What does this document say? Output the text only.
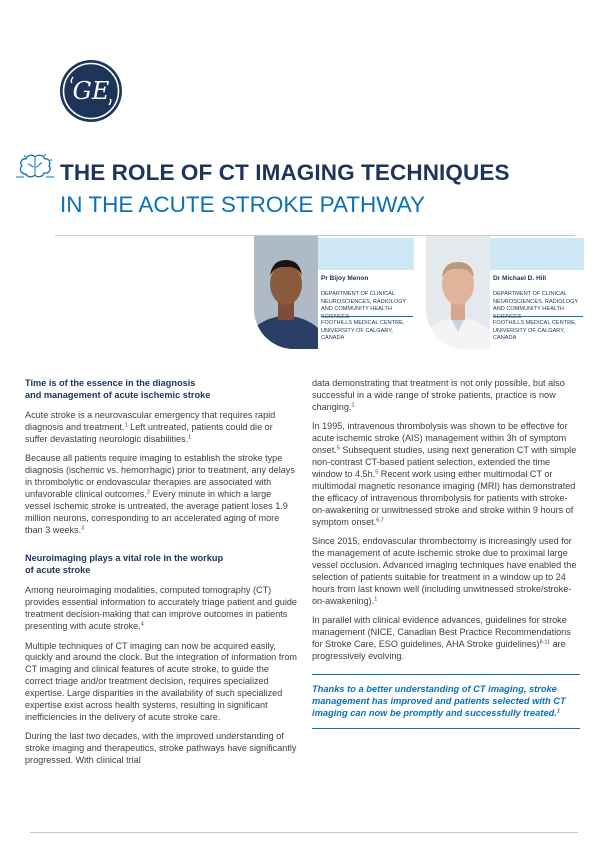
GE
THE ROLE OF CT IMAGING TECHNIQUES
IN THE ACUTE STROKE PATHWAY
Pr Bijoy Menon
DEPARTMENT OF CLINICAL NEUROSCIENCES, RADIOLOGY AND COMMUNITY HEALTH
FOOTHILLS MEDICAL CENTRE, UNIVERSITY OF CALGARY, CANADA
Dr Michael D. Hill
DEPARTMENT OF CLINICAL NEUROSCIENCES, RADIOLOGY AND COMMUNITY HEALTH
FOOTHILLS MEDICAL CENTRE, UNIVERSITY OF CALGARY, CANADA
Time is of the essence in the diagnosis
and management of acute ischemic stroke

Acute stroke is a neurovascular emergency that requires rapid diagnosis and treatment.$^1$ Left untreated, patients could die or suffer devastating neurologic disabilities.$^1$

Because all patients require imaging to establish the stroke type diagnosis (ischemic vs. hemorrhagic) prior to treatment, any delays in thrombolytic or endovascular therapies are associated with unfavorable clinical outcomes.$^2$ Every minute in which a large vessel ischemic stroke is untreated, the average patient loses 1.9 million neurons, corresponding to an accelerated aging of more than 3 weeks.$^3$

Neuroimaging plays a vital role in the workup
of acute stroke

Among neuroimaging modalities, computed tomography (CT) provides essential information to accurately triage patient and guide treatment decision-making that can improve outcomes in patients presenting with acute stroke.$^4$

Multiple techniques of CT imaging can now be acquired easily, quickly and around the clock. But the integration of information from CT imaging and clinical features of acute stroke, to guide the correct triage and/or treatment decision, requires specialized expertise. Large disparities in the availability of such specialized expertise exist across health systems, resulting in significant inefficiencies in the delivery of acute stroke care.

During the last two decades, with the improved understanding of stroke imaging and therapeutics, stroke pathways have significantly progressed. With clinical trial

data demonstrating that treatment is not only possible, but also successful in a wide range of stroke patients, practice is now changing.$^1$

In 1995, intravenous thrombolysis was shown to be effective for acute ischemic stroke (AIS) management within 3h of symptom onset.$^5$ Subsequent studies, using next generation CT with simple non-contrast CT-based patient selection, extended the time window to 4.5h.$^5$ Recent work using either multimodal CT or multimodal magnetic resonance imaging (MRI) has demonstrated the efficacy of intravenous thrombolysis for patients with stroke-on-awakening or unwitnessed stroke and stroke within 9 hours of symptom onset.$^{6,7}$

Since 2015, endovascular thrombectomy is increasingly used for the management of acute ischemic stroke due to proximal large vessel occlusion. Advanced imaging techniques have enabled the selection of patients suitable for treatment in a window up to 24 hours from last known well (including unwitnessed stroke/stroke-on-awakening).$^1$

In parallel with clinical evidence advances, guidelines for stroke management (NICE, Canadian Best Practice Recommendations for Stroke Care, ESO guidelines, AHA Stroke guidelines)$^{8-11}$ are progressively evolving.

Thanks to a better understanding of CT imaging, stroke management has improved and patients selected with CT imaging can now be promptly and successfully treated.$^1$
